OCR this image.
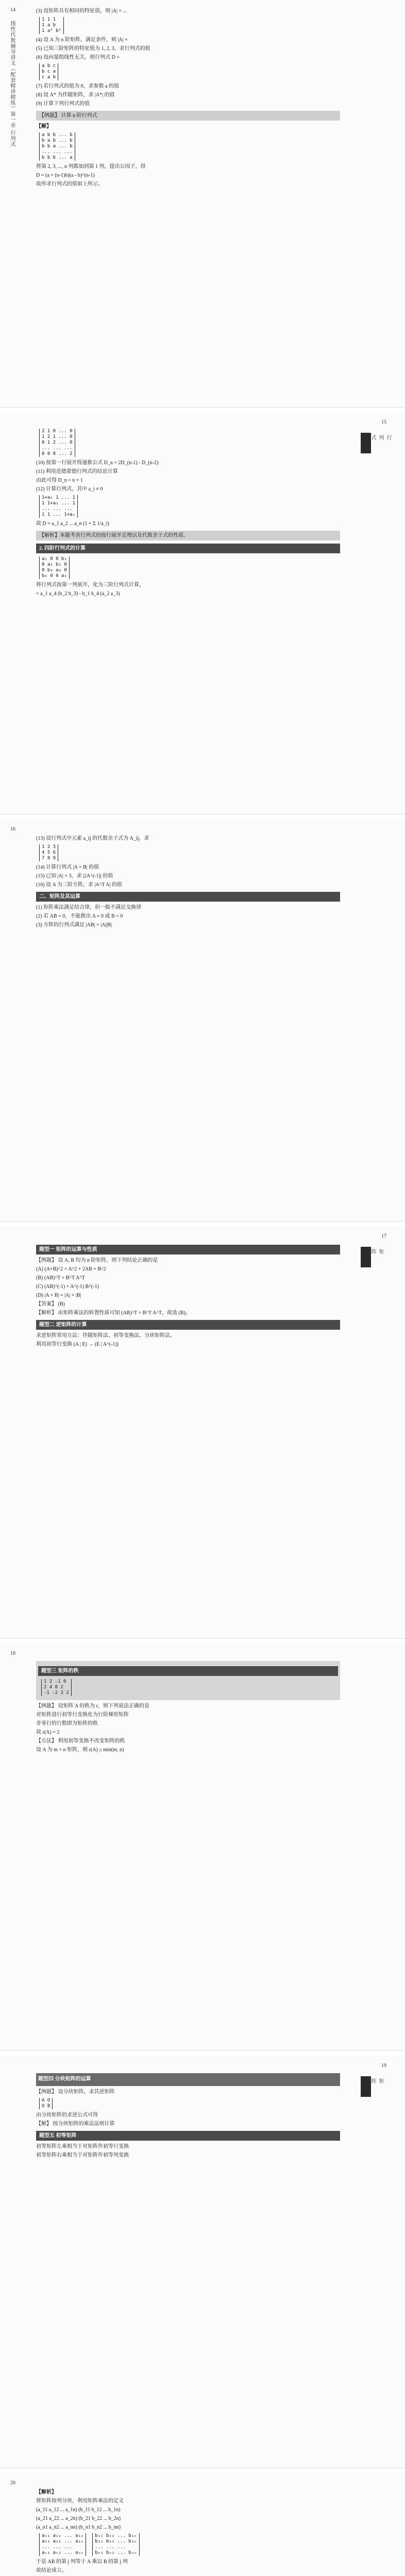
线性代数辅导讲义（配套精讲精练）第一章 行列式
14	(3) 设矩阵具有相同的特征值，则 |A| = ...
1 1 1
1 a b
1 a² b²
(4) 设 A 为 n 阶矩阵，满足条件，则 |A| =
(5) 已知三阶矩阵的特征值为 1, 2, 3，求行列式的值
(6) 设向量组线性无关，则行列式 D =
a b c
b c a
c a b
(7) 若行列式的值为 0，求参数 a 的值
(8) 设 A* 为伴随矩阵，求 |A*| 的值
(9) 计算下列行列式的值
【例题】 计算 n 阶行列式
【解】
a b b ... b
b a b ... b
b b a ... b
... ... ...
b b b ... a
将第 2, 3, ..., n 列都加到第 1 列，提出公因子，得
D = (a + (n-1)b)(a - b)^(n-1)
故所求行列式的值如上所示。
行列式
15
2 1 0 ... 0
1 2 1 ... 0
0 1 2 ... 0
... ... ...
0 0 0 ... 2
(10) 按第一行展开得递推公式 D_n = 2D_(n-1) - D_(n-2)
(11) 利用范德蒙德行列式的结论计算
由此可得 D_n = n + 1
(12) 计算行列式，其中 a_i ≠ 0
1+a₁ 1 ... 1
1 1+a₂ ... 1
... ... ...
1 1 ... 1+aₙ
故 D = a_1 a_2 ... a_n (1 + Σ 1/a_i)
【解析】本题考查行列式的按行展开定理以及代数余子式的性质。
2. 四阶行列式的计算
a₁ 0 0 b₁
0 a₂ b₂ 0
0 b₃ a₃ 0
b₄ 0 0 a₄
将行列式按第一列展开，化为三阶行列式计算，
= a_1 a_4 (b_2 b_3) - b_1 b_4 (a_2 a_3)
16
(13) 设行列式中元素 a_ij 的代数余子式为 A_ij，求
1 2 3
4 5 6
7 8 9
(14) 计算行列式 |A + B| 的值
(15) 已知 |A| = 3，求 |2A^(-1)| 的值
(16) 设 A 为三阶方阵，求 |A^T A| 的值
二、矩阵及其运算
(1) 矩阵乘法满足结合律，但一般不满足交换律
(2) 若 AB = 0，不能推出 A = 0 或 B = 0
(3) 方阵的行列式满足 |AB| = |A||B|
矩阵
17
题型一 矩阵的运算与性质
【例题】 设 A, B 均为 n 阶矩阵，则下列结论正确的是
(A) (A+B)^2 = A^2 + 2AB + B^2
(B) (AB)^T = B^T A^T
(C) (AB)^(-1) = A^(-1) B^(-1)
(D) |A + B| = |A| + |B|
【答案】 (B)
【解析】 由矩阵乘法的转置性质可知 (AB)^T = B^T A^T，故选 (B)。
题型二 逆矩阵的计算
求逆矩阵常用方法：伴随矩阵法、初等变换法、分块矩阵法。
利用初等行变换 (A | E) → (E | A^(-1))
18
题型三 矩阵的秩
1 2 -1 0
2 4 0 2
-1 -2 3 2
【例题】 设矩阵 A 的秩为 r，则下列说法正确的是
对矩阵进行初等行变换化为行阶梯形矩阵
非零行的行数即为矩阵的秩
故 r(A) = 2
【方法】 利用初等变换不改变矩阵的秩
设 A 为 m × n 矩阵，则 r(A) ≤ min(m, n)
矩阵
19
题型四 分块矩阵的运算
【例题】 设分块矩阵，求其逆矩阵
A O
O B
由分块矩阵的求逆公式可得
【解】 按分块矩阵的乘法法则计算
题型五 初等矩阵
初等矩阵左乘相当于对矩阵作初等行变换
初等矩阵右乘相当于对矩阵作初等列变换
20
【解析】
将矩阵按列分块，利用矩阵乘法的定义
(a_11 a_12 ... a_1n) (b_11 b_12 ... b_1n)
(a_21 a_22 ... a_2n) (b_21 b_22 ... b_2n)
(a_n1 a_n2 ... a_nn) (b_n1 b_n2 ... b_nn)
a₁₁ a₁₂ ... a₁ₙ
a₂₁ a₂₂ ... a₂ₙ
... ... ...
aₙ₁ aₙ₂ ... aₙₙb₁₁ b₁₂ ... b₁ₙ
b₂₁ b₂₂ ... b₂ₙ
... ... ...
bₙ₁ bₙ₂ ... bₙₙ
于是 AB 的第 j 列等于 A 乘以 B 的第 j 列
故结论成立。
